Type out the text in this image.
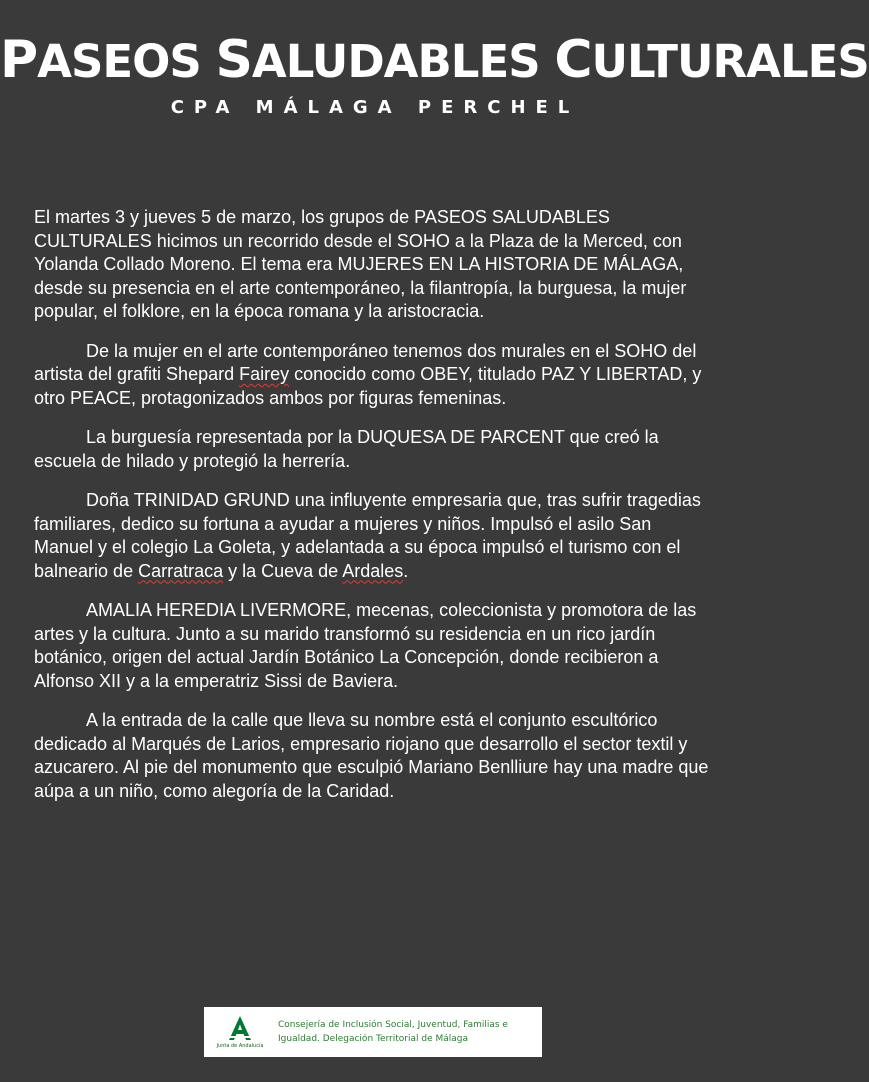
PASEOS SALUDABLES CULTURALES
CPA MÁLAGA PERCHEL

El martes 3 y jueves 5 de marzo, los grupos de PASEOS SALUDABLES CULTURALES hicimos un recorrido desde el SOHO a la Plaza de la Merced, con Yolanda Collado Moreno. El tema era MUJERES EN LA HISTORIA DE MÁLAGA, desde su presencia en el arte contemporáneo, la filantropía, la burguesa, la mujer popular, el folklore, en la época romana y la aristocracia.

De la mujer en el arte contemporáneo tenemos dos murales en el SOHO del artista del grafiti Shepard Fairey conocido como OBEY, titulado PAZ Y LIBERTAD, y otro PEACE, protagonizados ambos por figuras femeninas.

La burguesía representada por la DUQUESA DE PARCENT que creó la escuela de hilado y protegió la herrería.

Doña TRINIDAD GRUND una influyente empresaria que, tras sufrir tragedias familiares, dedico su fortuna a ayudar a mujeres y niños. Impulsó el asilo San Manuel y el colegio La Goleta, y adelantada a su época impulsó el turismo con el balneario de Carratraca y la Cueva de Ardales.

AMALIA HEREDIA LIVERMORE, mecenas, coleccionista y promotora de las artes y la cultura. Junto a su marido transformó su residencia en un rico jardín botánico, origen del actual Jardín Botánico La Concepción, donde recibieron a Alfonso XII y a la emperatriz Sissi de Baviera.

A la entrada de la calle que lleva su nombre está el conjunto escultórico dedicado al Marqués de Larios, empresario riojano que desarrollo el sector textil y azucarero. Al pie del monumento que esculpió Mariano Benlliure hay una madre que aúpa a un niño, como alegoría de la Caridad.

Junta de Andalucía
Consejería de Inclusión Social, Juventud, Familias e
Igualdad. Delegación Territorial de Málaga
